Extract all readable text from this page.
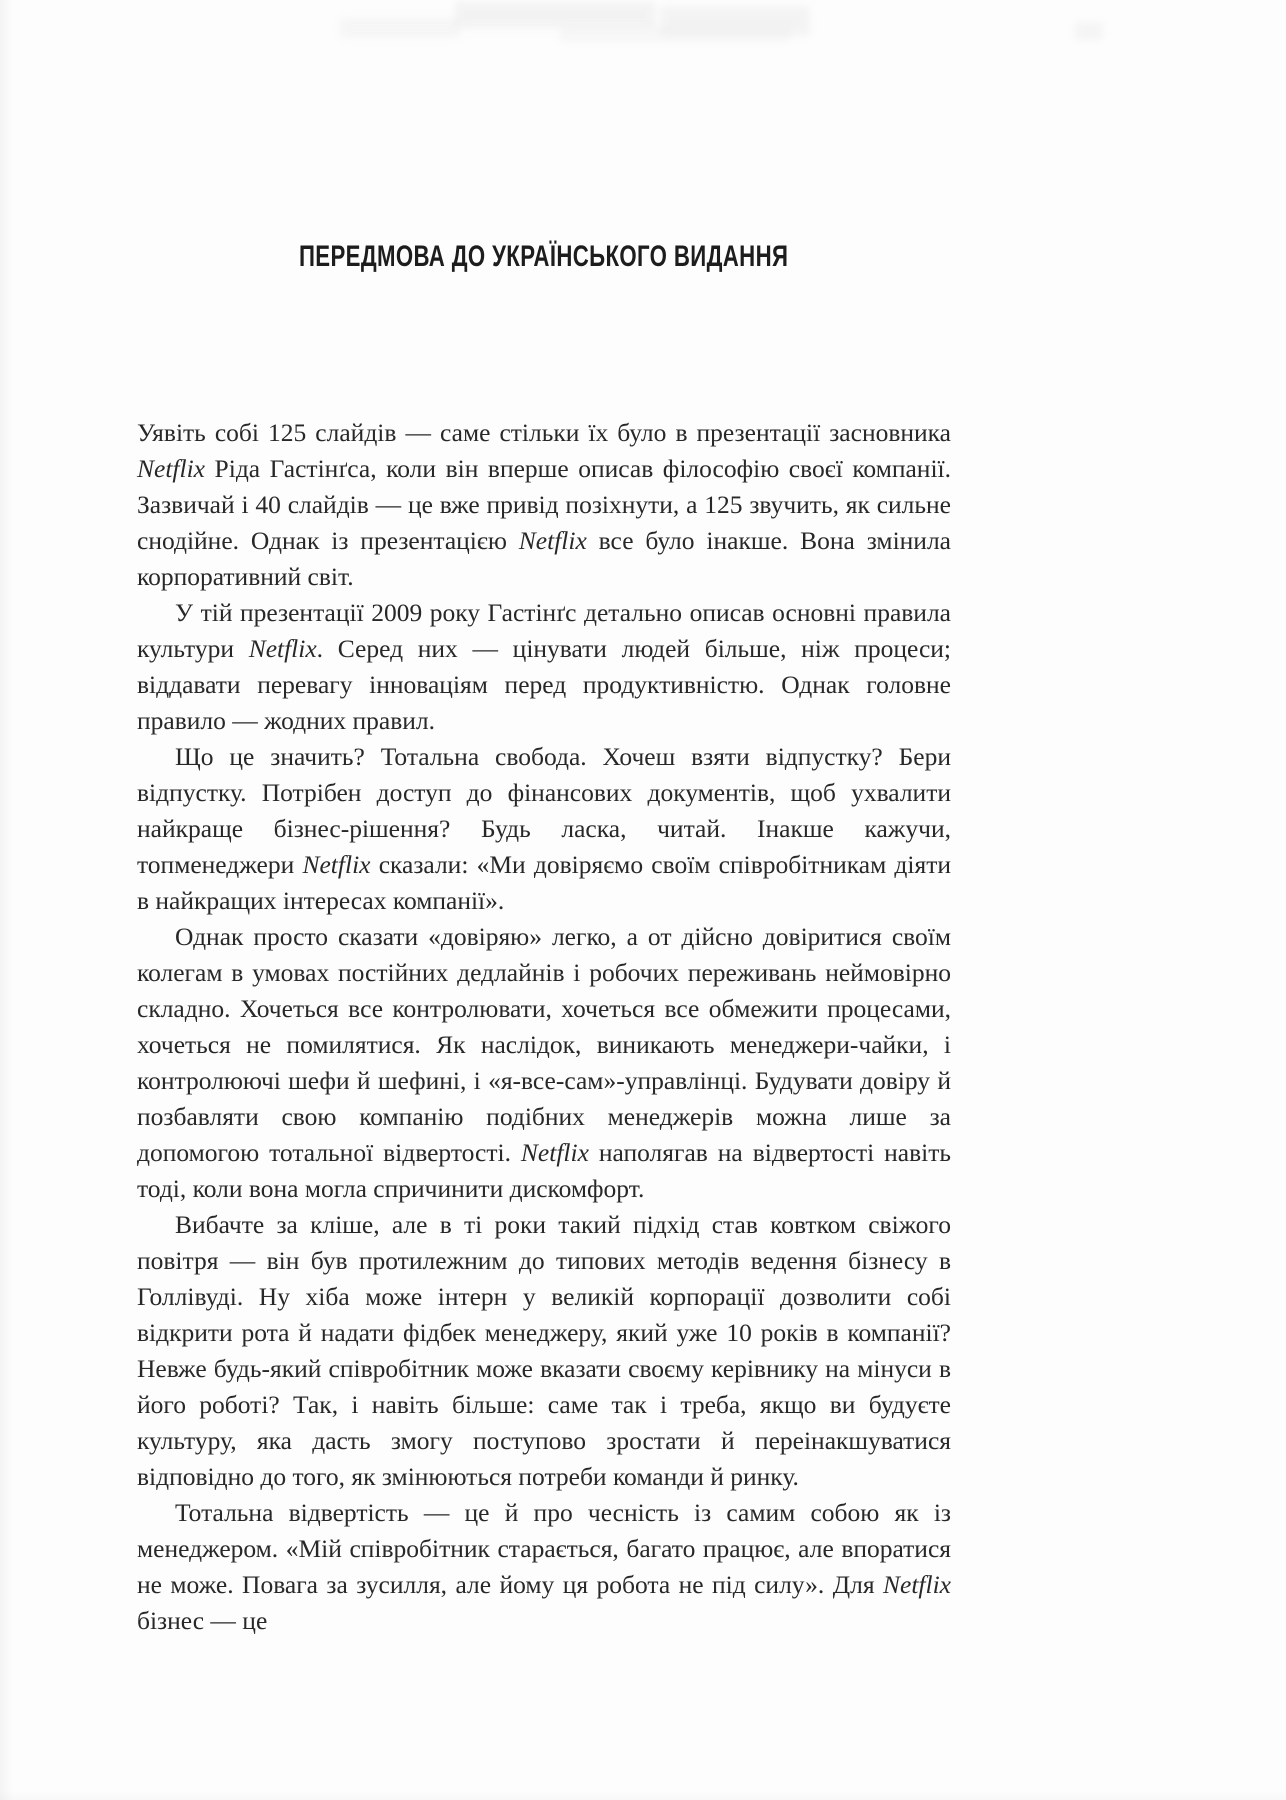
ПЕРЕДМОВА ДО УКРАЇНСЬКОГО ВИДАННЯ

Уявіть собі 125 слайдів — саме стільки їх було в презентації засновника Netflix Ріда Гастінґса, коли він вперше описав філософію своєї компанії. Зазвичай і 40 слайдів — це вже привід позіхнути, а 125 звучить, як сильне снодійне. Однак із презентацією Netflix все було інакше. Вона змінила корпоративний світ.

У тій презентації 2009 року Гастінґс детально описав основні правила культури Netflix. Серед них — цінувати людей більше, ніж процеси; віддавати перевагу інноваціям перед продуктивністю. Однак головне правило — жодних правил.

Що це значить? Тотальна свобода. Хочеш взяти відпустку? Бери відпустку. Потрібен доступ до фінансових документів, щоб ухвалити найкраще бізнес-рішення? Будь ласка, читай. Інакше кажучи, топменеджери Netflix сказали: «Ми довіряємо своїм співробітникам діяти в найкращих інтересах компанії».

Однак просто сказати «довіряю» легко, а от дійсно довіритися своїм колегам в умовах постійних дедлайнів і робочих переживань неймовірно складно. Хочеться все контролювати, хочеться все обмежити процесами, хочеться не помилятися. Як наслідок, виникають менеджери-чайки, і контролюючі шефи й шефині, і «я-все-сам»-управлінці. Будувати довіру й позбавляти свою компанію подібних менеджерів можна лише за допомогою тотальної відвертості. Netflix наполягав на відвертості навіть тоді, коли вона могла спричинити дискомфорт.

Вибачте за кліше, але в ті роки такий підхід став ковтком свіжого повітря — він був протилежним до типових методів ведення бізнесу в Голлівуді. Ну хіба може інтерн у великій корпорації дозволити собі відкрити рота й надати фідбек менеджеру, який уже 10 років в компанії? Невже будь-який співробітник може вказати своєму керівнику на мінуси в його роботі? Так, і навіть більше: саме так і треба, якщо ви будуєте культуру, яка дасть змогу поступово зростати й переінакшуватися відповідно до того, як змінюються потреби команди й ринку.

Тотальна відвертість — це й про чесність із самим собою як із менеджером. «Мій співробітник старається, багато працює, але впоратися не може. Повага за зусилля, але йому ця робота не під силу». Для Netflix бізнес — це
